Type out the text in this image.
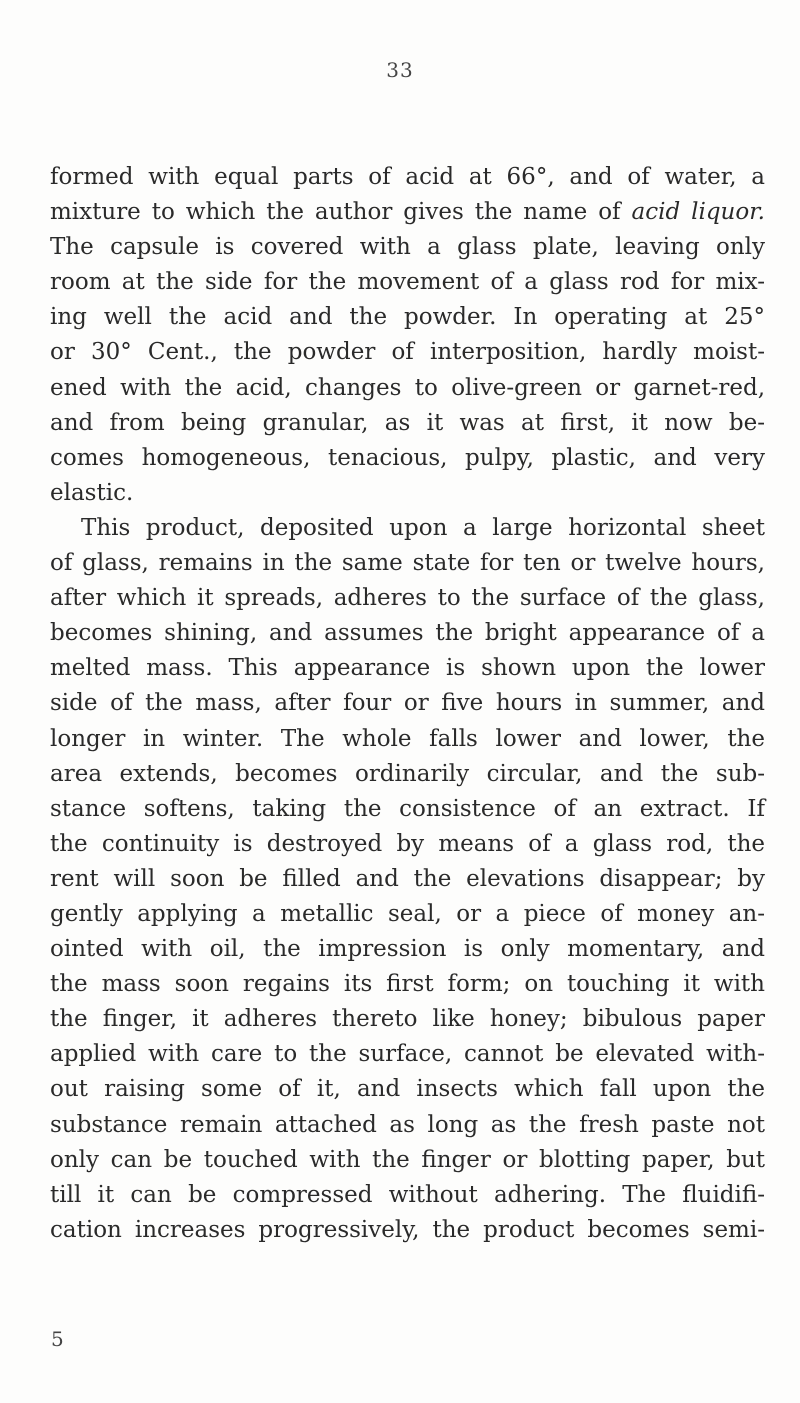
33
formed with equal parts of acid at 66°, and of water, a
mixture to which the author gives the name of acid liquor.
The capsule is covered with a glass plate, leaving only
room at the side for the movement of a glass rod for mix-
ing well the acid and the powder. In operating at 25°
or 30° Cent., the powder of interposition, hardly moist-
ened with the acid, changes to olive-green or garnet-red,
and from being granular, as it was at first, it now be-
comes homogeneous, tenacious, pulpy, plastic, and very
elastic.
This product, deposited upon a large horizontal sheet
of glass, remains in the same state for ten or twelve hours,
after which it spreads, adheres to the surface of the glass,
becomes shining, and assumes the bright appearance of a
melted mass. This appearance is shown upon the lower
side of the mass, after four or five hours in summer, and
longer in winter. The whole falls lower and lower, the
area extends, becomes ordinarily circular, and the sub-
stance softens, taking the consistence of an extract. If
the continuity is destroyed by means of a glass rod, the
rent will soon be filled and the elevations disappear; by
gently applying a metallic seal, or a piece of money an-
ointed with oil, the impression is only momentary, and
the mass soon regains its first form; on touching it with
the finger, it adheres thereto like honey; bibulous paper
applied with care to the surface, cannot be elevated with-
out raising some of it, and insects which fall upon the
substance remain attached as long as the fresh paste not
only can be touched with the finger or blotting paper, but
till it can be compressed without adhering. The fluidifi-
cation increases progressively, the product becomes semi-
5
